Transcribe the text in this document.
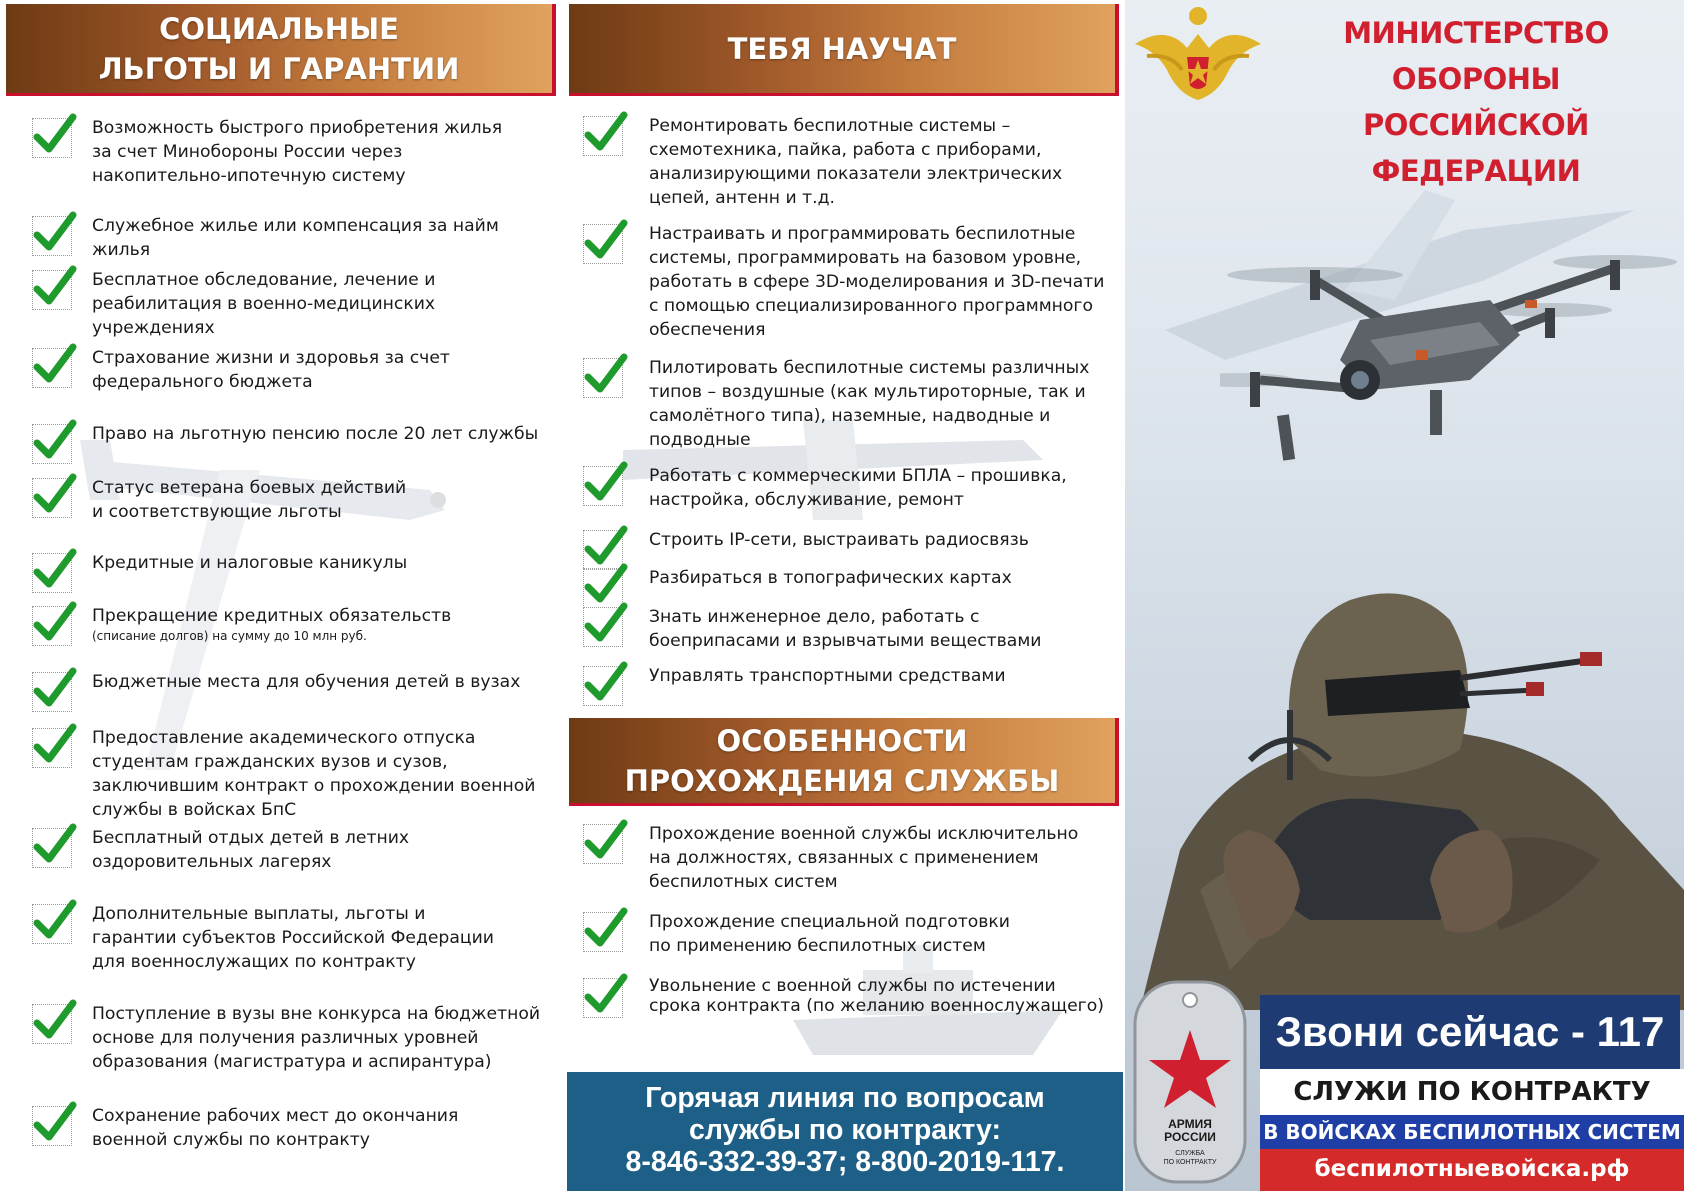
СОЦИАЛЬНЫЕ
ЛЬГОТЫ И ГАРАНТИИ
Возможность быстрого приобретения жилья за счет Минобороны России через накопительно-ипотечную систему
Служебное жилье или компенсация за найм жилья
Бесплатное обследование, лечение и реабилитация в военно-медицинских учреждениях
Страхование жизни и здоровья за счет федерального бюджета
Право на льготную пенсию после 20 лет службы
Статус ветерана боевых действий и соответствующие льготы
Кредитные и налоговые каникулы
Прекращение кредитных обязательств
(списание долгов) на сумму до 10 млн руб.
Бюджетные места для обучения детей в вузах
Предоставление академического отпуска студентам гражданских вузов и сузов, заключившим контракт о прохождении военной службы в войсках БпС
Бесплатный отдых детей в летних оздоровительных лагерях
Дополнительные выплаты, льготы и гарантии субъектов Российской Федерации для военнослужащих по контракту
Поступление в вузы вне конкурса на бюджетной основе для получения различных уровней образования (магистратура и аспирантура)
Сохранение рабочих мест до окончания военной службы по контракту
ТЕБЯ НАУЧАТ
Ремонтировать беспилотные системы – схемотехника, пайка, работа с приборами, анализирующими показатели электрических цепей, антенн и т.д.
Настраивать и программировать беспилотные системы, программировать на базовом уровне, работать в сфере 3D-моделирования и 3D-печати с помощью специализированного программного обеспечения
Пилотировать беспилотные системы различных типов – воздушные (как мультироторные, так и самолётного типа), наземные, надводные и подводные
Работать с коммерческими БПЛА – прошивка, настройка, обслуживание, ремонт
Строить IP-сети, выстраивать радиосвязь
Разбираться в топографических картах
Знать инженерное дело, работать с боеприпасами и взрывчатыми веществами
Управлять транспортными средствами
ОСОБЕННОСТИ
ПРОХОЖДЕНИЯ СЛУЖБЫ
Прохождение военной службы исключительно на должностях, связанных с применением беспилотных систем
Прохождение специальной подготовки по применению беспилотных систем
Увольнение с военной службы по истечении срока контракта (по желанию военнослужащего)
Горячая линия по вопросам
службы по контракту:
8-846-332-39-37; 8-800-2019-117.
МИНИСТЕРСТВО ОБОРОНЫ
РОССИЙСКОЙ ФЕДЕРАЦИИ
АРМИЯ
РОССИИ
СЛУЖБА
ПО КОНТРАКТУ
Звони сейчас - 117
СЛУЖИ ПО КОНТРАКТУ
В ВОЙСКАХ БЕСПИЛОТНЫХ СИСТЕМ
беспилотныевойска.рф
